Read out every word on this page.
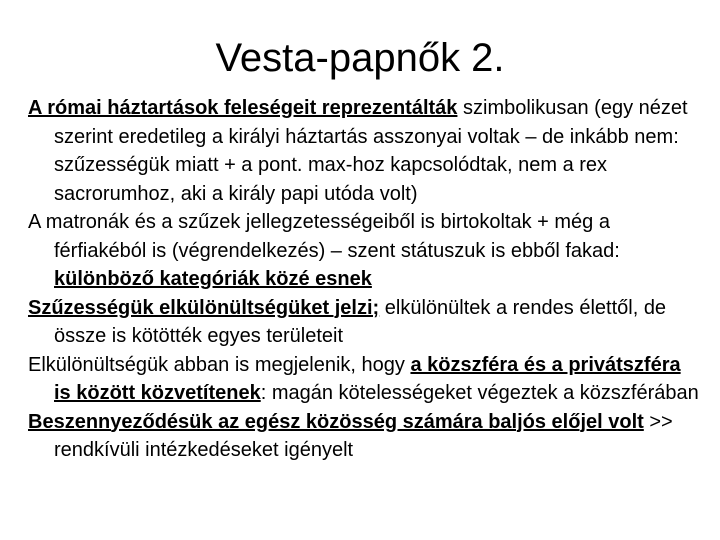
Vesta-papnők 2.

A római háztartások feleségeit reprezentálták szimbolikusan (egy nézet szerint eredetileg a királyi háztartás asszonyai voltak – de inkább nem: szűzességük miatt + a pont. max-hoz kapcsolódtak, nem a rex sacrorumhoz, aki a király papi utóda volt)

A matronák és a szűzek jellegzetességeiből is birtokoltak + még a férfiakéból is (végrendelkezés) – szent státuszuk is ebből fakad: különböző kategóriák közé esnek

Szűzességük elkülönültségüket jelzi; elkülönültek a rendes élettől, de össze is kötötték egyes területeit

Elkülönültségük abban is megjelenik, hogy a közszféra és a privátszféra is között közvetítenek: magán kötelességeket végeztek a közszférában

Beszennyeződésük az egész közösség számára baljós előjel volt >> rendkívüli intézkedéseket igényelt
